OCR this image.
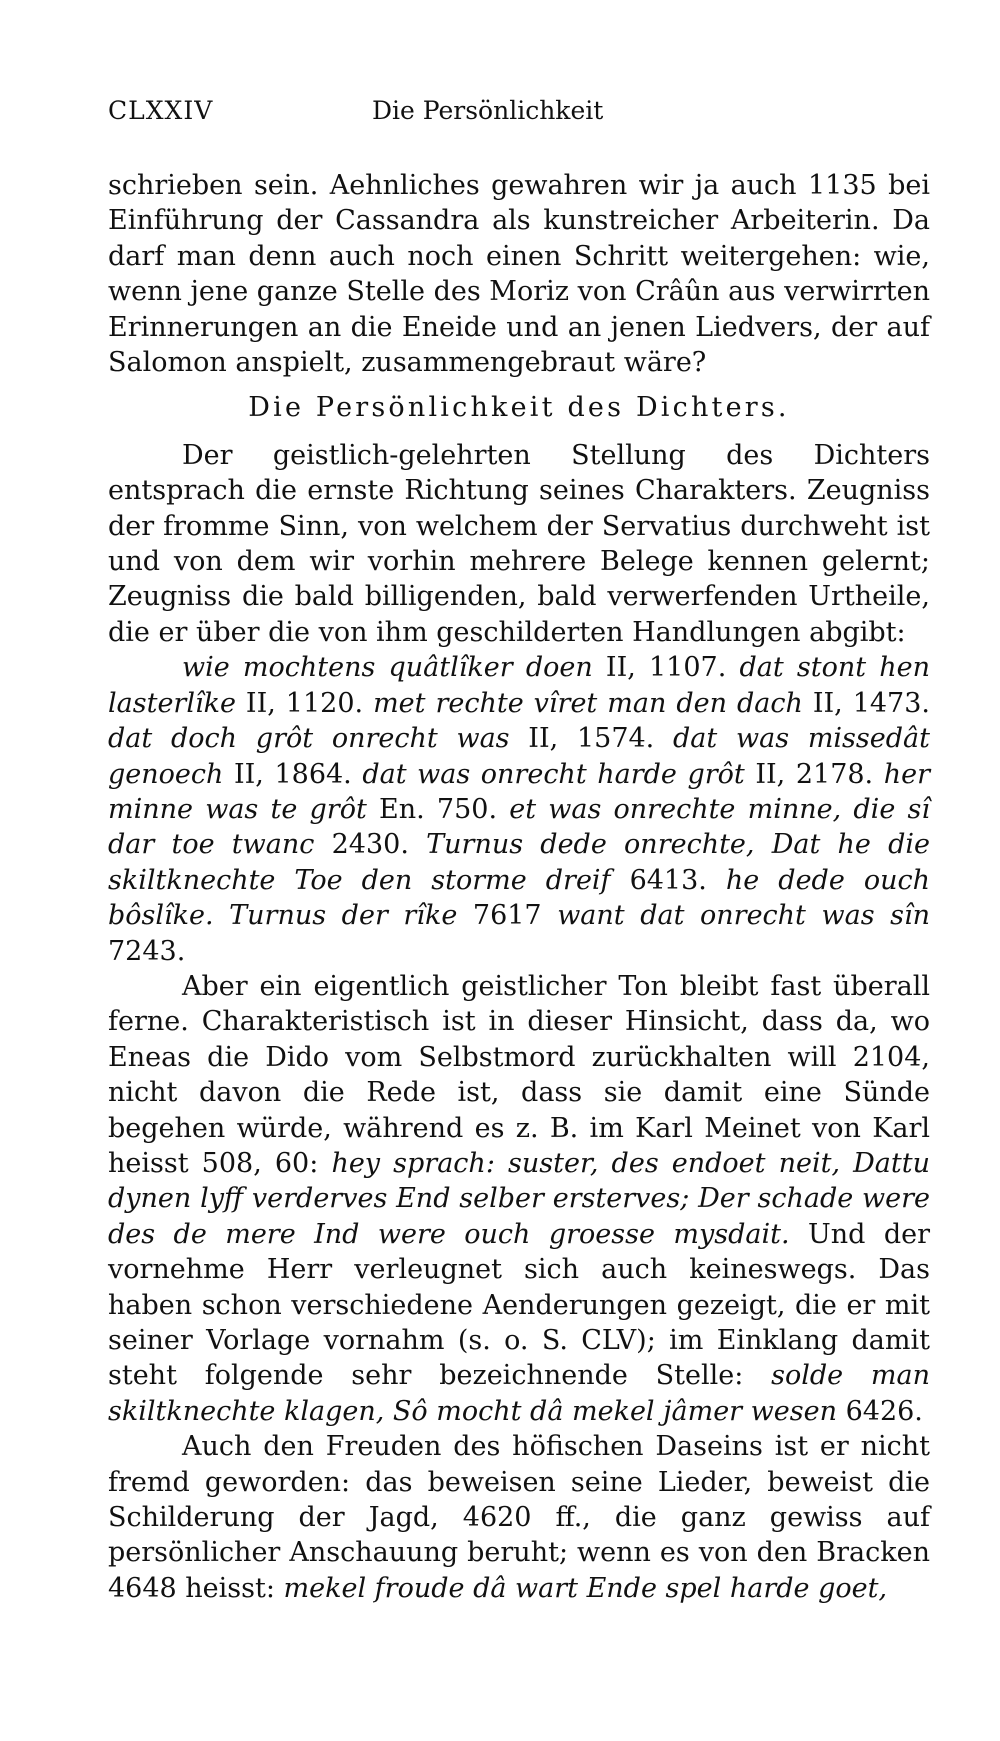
CLXXIV	Die Persönlichkeit

schrieben sein. Aehnliches gewahren wir ja auch 1135 bei Einführung der Cassandra als kunstreicher Arbeiterin. Da darf man denn auch noch einen Schritt weitergehen: wie, wenn jene ganze Stelle des Moriz von Crâûn aus verwirrten Erinnerungen an die Eneide und an jenen Liedvers, der auf Salomon anspielt, zusammengebraut wäre?

Die Persönlichkeit des Dichters.

Der geistlich-gelehrten Stellung des Dichters entsprach die ernste Richtung seines Charakters. Zeugniss der fromme Sinn, von welchem der Servatius durchweht ist und von dem wir vorhin mehrere Belege kennen gelernt; Zeugniss die bald billigenden, bald verwerfenden Urtheile, die er über die von ihm geschilderten Handlungen abgibt:
wie mochtens quâtlîker doen II, 1107. dat stont hen lasterlîke II, 1120. met rechte vîret man den dach II, 1473. dat doch grôt onrecht was II, 1574. dat was missedât genoech II, 1864. dat was onrecht harde grôt II, 2178. her minne was te grôt En. 750. et was onrechte minne, die sî dar toe twanc 2430. Turnus dede onrechte, Dat he die skiltknechte Toe den storme dreif 6413. he dede ouch bôslîke. Turnus der rîke 7617 want dat onrecht was sîn 7243.

Aber ein eigentlich geistlicher Ton bleibt fast überall ferne. Charakteristisch ist in dieser Hinsicht, dass da, wo Eneas die Dido vom Selbstmord zurückhalten will 2104, nicht davon die Rede ist, dass sie damit eine Sünde begehen würde, während es z. B. im Karl Meinet von Karl heisst 508, 60: hey sprach: suster, des endoet neit, Dattu dynen lyff verderves End selber ersterves; Der schade were des de mere Ind were ouch groesse mysdait. Und der vornehme Herr verleugnet sich auch keineswegs. Das haben schon verschiedene Aenderungen gezeigt, die er mit seiner Vorlage vornahm (s. o. S. CLV); im Einklang damit steht folgende sehr bezeichnende Stelle: solde man skiltknechte klagen, Sô mocht dâ mekel jâmer wesen 6426.

Auch den Freuden des höfischen Daseins ist er nicht fremd geworden: das beweisen seine Lieder, beweist die Schilderung der Jagd, 4620 ff., die ganz gewiss auf persönlicher Anschauung beruht; wenn es von den Bracken 4648 heisst: mekel froude dâ wart Ende spel harde goet,
